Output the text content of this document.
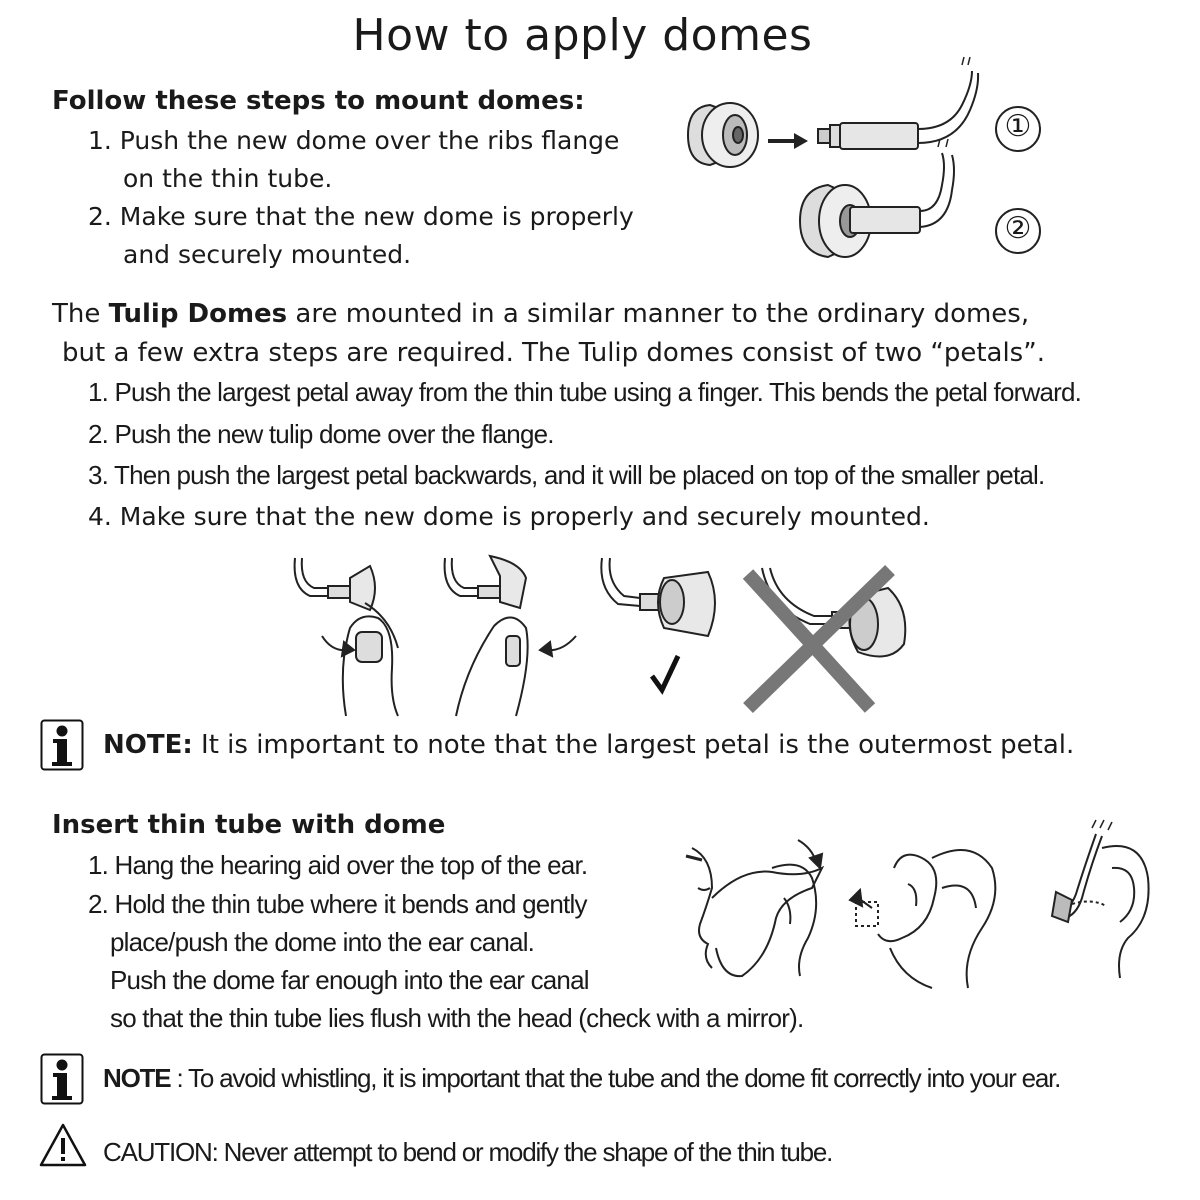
How to apply domes
Follow these steps to mount domes:
1. Push the new dome over the ribs flange
on the thin tube.
2. Make sure that the new dome is properly
and securely mounted.
①
②
The Tulip Domes are mounted in a similar manner to the ordinary domes,
but a few extra steps are required. The Tulip domes consist of two “petals”.
1. Push the largest petal away from the thin tube using a finger. This bends the petal forward.
2. Push the new tulip dome over the flange.
3. Then push the largest petal backwards, and it will be placed on top of the smaller petal.
4. Make sure that the new dome is properly and securely mounted.
NOTE: It is important to note that the largest petal is the outermost petal.
Insert thin tube with dome
1. Hang the hearing aid over the top of the ear.
2. Hold the thin tube where it bends and gently
place/push the dome into the ear canal.
Push the dome far enough into the ear canal
so that the thin tube lies flush with the head (check with a mirror).
NOTE : To avoid whistling, it is important that the tube and the dome fit correctly into your ear.
CAUTION: Never attempt to bend or modify the shape of the thin tube.
